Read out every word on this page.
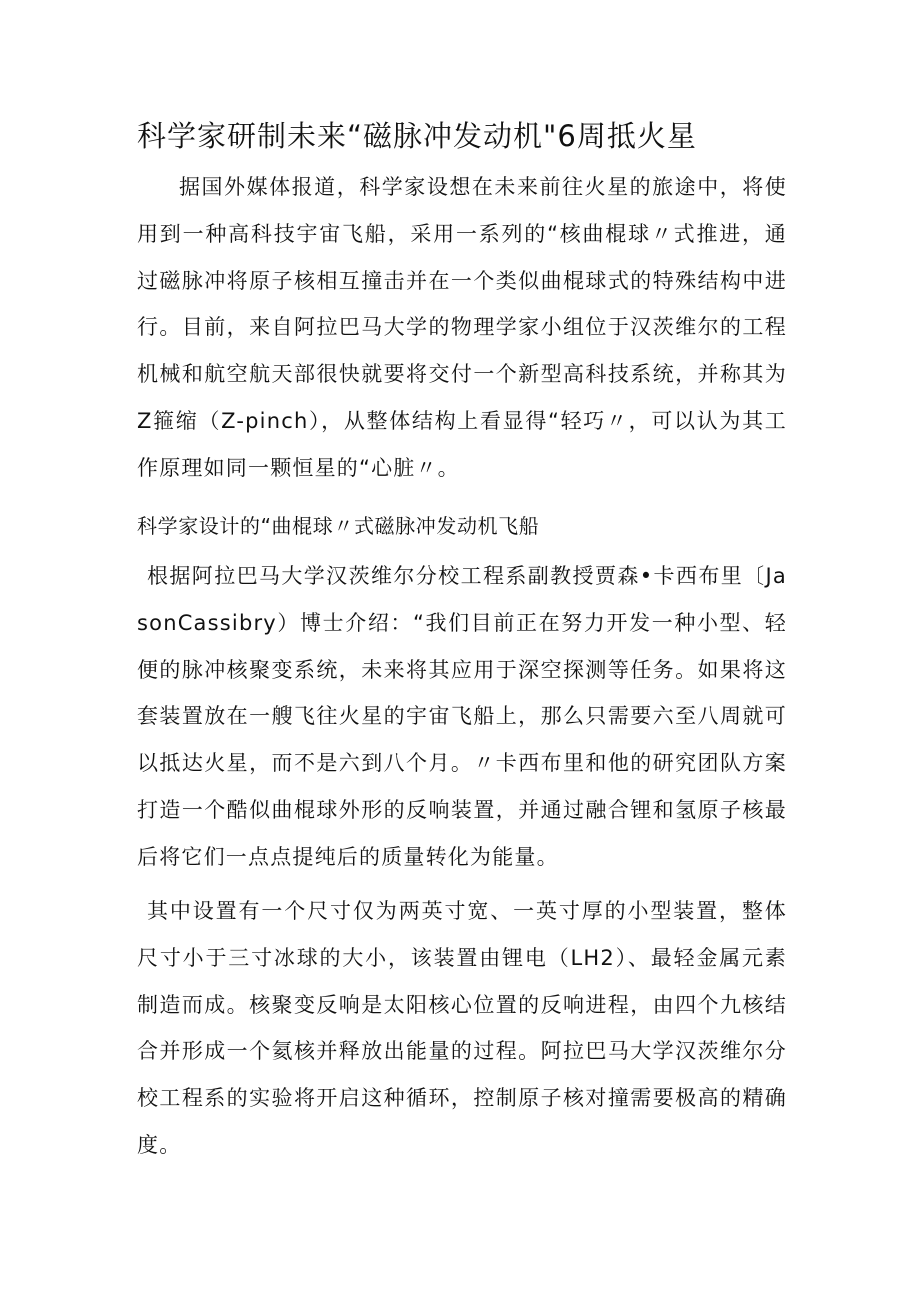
科学家研制未来“磁脉冲发动机"6周抵火星

据国外媒体报道，科学家设想在未来前往火星的旅途中，将使用到一种高科技宇宙飞船，采用一系列的“核曲棍球〃式推进，通过磁脉冲将原子核相互撞击并在一个类似曲棍球式的特殊结构中进行。目前，来自阿拉巴马大学的物理学家小组位于汉茨维尔的工程机械和航空航天部很快就要将交付一个新型高科技系统，并称其为Z箍缩（Z-pinch），从整体结构上看显得“轻巧〃，可以认为其工作原理如同一颗恒星的“心脏〃。

科学家设计的“曲棍球〃式磁脉冲发动机飞船

根据阿拉巴马大学汉茨维尔分校工程系副教授贾森•卡西布里〔JasonCassibry）博士介绍：“我们目前正在努力开发一种小型、轻便的脉冲核聚变系统，未来将其应用于深空探测等任务。如果将这套装置放在一艘飞往火星的宇宙飞船上，那么只需要六至八周就可以抵达火星，而不是六到八个月。〃卡西布里和他的研究团队方案打造一个酷似曲棍球外形的反响装置，并通过融合锂和氢原子核最后将它们一点点提纯后的质量转化为能量。

其中设置有一个尺寸仅为两英寸宽、一英寸厚的小型装置，整体尺寸小于三寸冰球的大小，该装置由锂电（LH2）、最轻金属元素制造而成。核聚变反响是太阳核心位置的反响进程，由四个九核结合并形成一个氦核并释放出能量的过程。阿拉巴马大学汉茨维尔分校工程系的实验将开启这种循环，控制原子核对撞需要极高的精确度。
